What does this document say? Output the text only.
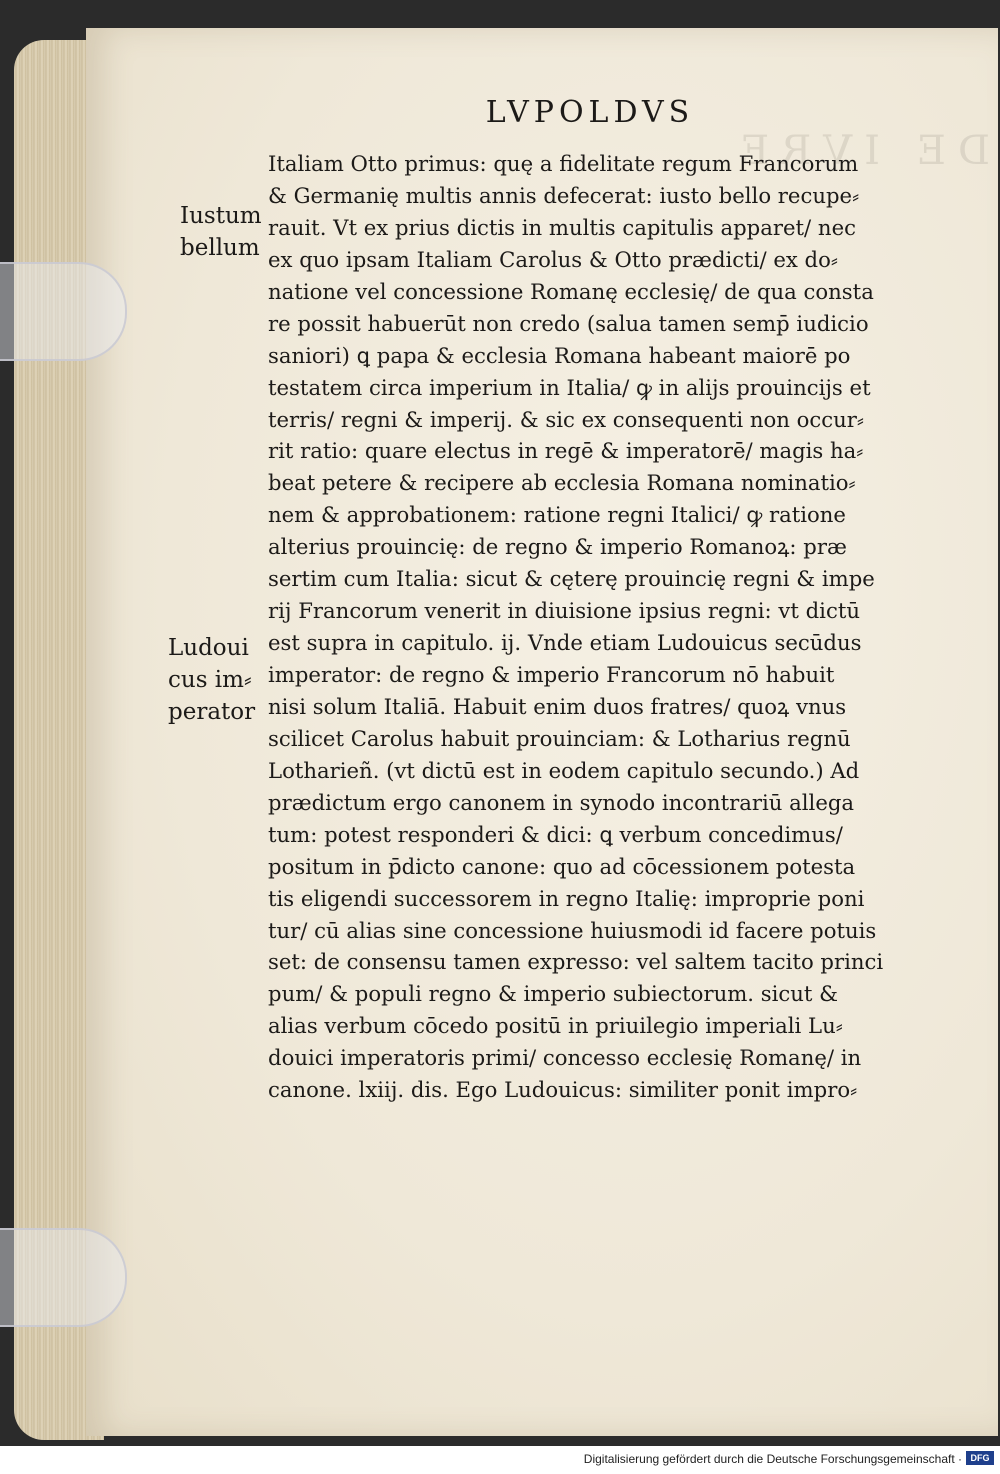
DE IVRE
LVPOLDVS
Iustum
bellum
Ludoui
cus im⸗
perator
Italiam Otto primus: quę a fidelitate regum Francorum
& Germanię multis annis defecerat: iusto bello recupe⸗
rauit. Vt ex prius dictis in multis capitulis apparet/ nec
ex quo ipsam Italiam Carolus & Otto prædicti/ ex do⸗
natione vel concessione Romanę ecclesię/ de qua consta
re possit habuerūt non credo (salua tamen semp̄ iudicio
saniori) ꝗ papa & ecclesia Romana habeant maiorē po
testatem circa imperium in Italia/ ꝙ in alijs prouincijs et
terris/ regni & imperij. & sic ex consequenti non occur⸗
rit ratio: quare electus in regē & imperatorē/ magis ha⸗
beat petere & recipere ab ecclesia Romana nominatio⸗
nem & approbationem: ratione regni Italici/ ꝙ ratione
alterius prouincię: de regno & imperio Romanoꝝ: præ
sertim cum Italia: sicut & cęterę prouincię regni & impe
rij Francorum venerit in diuisione ipsius regni: vt dictū
est supra in capitulo. ij. Vnde etiam Ludouicus secūdus
imperator: de regno & imperio Francorum nō habuit
nisi solum Italiā. Habuit enim duos fratres/ quoꝝ vnus
scilicet Carolus habuit prouinciam: & Lotharius regnū
Lotharieñ. (vt dictū est in eodem capitulo secundo.) Ad
prædictum ergo canonem in synodo incontrariū allega
tum: potest responderi & dici: ꝗ verbum concedimus/
positum in p̄dicto canone: quo ad cōcessionem potesta
tis eligendi successorem in regno Italię: improprie poni
tur/ cū alias sine concessione huiusmodi id facere potuis
set: de consensu tamen expresso: vel saltem tacito princi
pum/ & populi regno & imperio subiectorum. sicut &
alias verbum cōcedo positū in priuilegio imperiali Lu⸗
douici imperatoris primi/ concesso ecclesię Romanę/ in
canone. lxiij. dis. Ego Ludouicus: similiter ponit impro⸗
Digitalisierung gefördert durch die Deutsche Forschungsgemeinschaft · DFG
